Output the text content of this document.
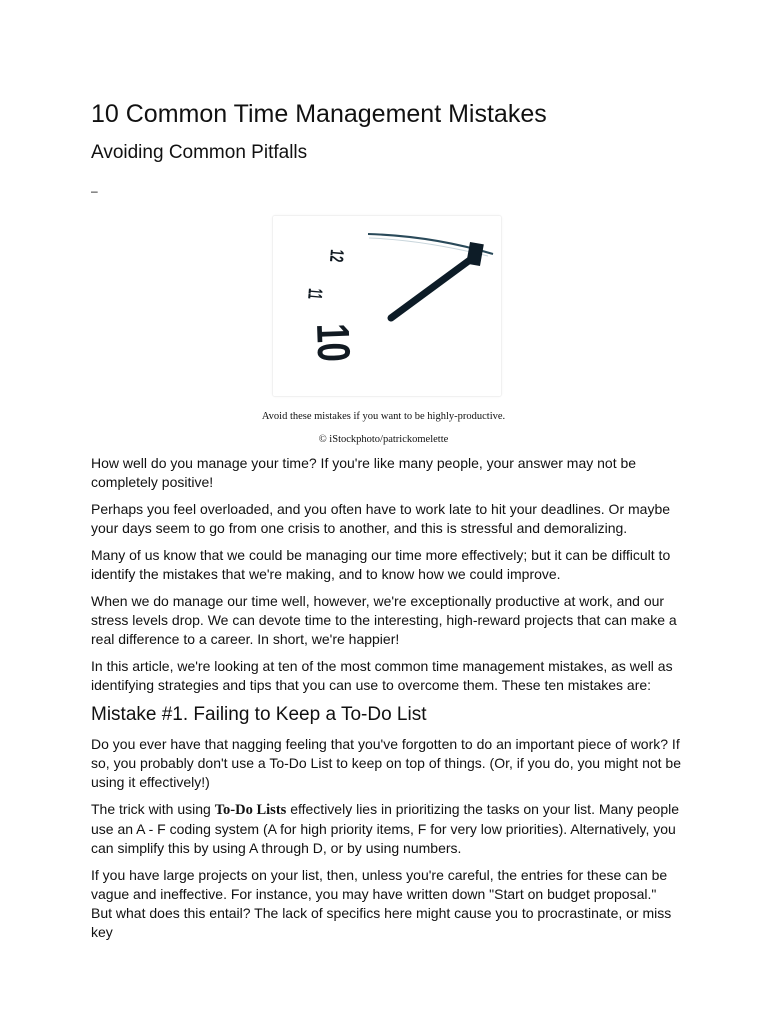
10 Common Time Management Mistakes
Avoiding Common Pitfalls
–
12
11
10
Avoid these mistakes if you want to be highly-productive.
© iStockphoto/patrickomelette

How well do you manage your time? If you're like many people, your answer may not be completely positive!

Perhaps you feel overloaded, and you often have to work late to hit your deadlines. Or maybe your days seem to go from one crisis to another, and this is stressful and demoralizing.

Many of us know that we could be managing our time more effectively; but it can be difficult to identify the mistakes that we're making, and to know how we could improve.

When we do manage our time well, however, we're exceptionally productive at work, and our stress levels drop. We can devote time to the interesting, high-reward projects that can make a real difference to a career. In short, we're happier!

In this article, we're looking at ten of the most common time management mistakes, as well as identifying strategies and tips that you can use to overcome them. These ten mistakes are:

Mistake #1. Failing to Keep a To-Do List

Do you ever have that nagging feeling that you've forgotten to do an important piece of work? If so, you probably don't use a To-Do List to keep on top of things. (Or, if you do, you might not be using it effectively!)

The trick with using To-Do Lists effectively lies in prioritizing the tasks on your list. Many people use an A - F coding system (A for high priority items, F for very low priorities). Alternatively, you can simplify this by using A through D, or by using numbers.

If you have large projects on your list, then, unless you're careful, the entries for these can be vague and ineffective. For instance, you may have written down "Start on budget proposal." But what does this entail? The lack of specifics here might cause you to procrastinate, or miss key
